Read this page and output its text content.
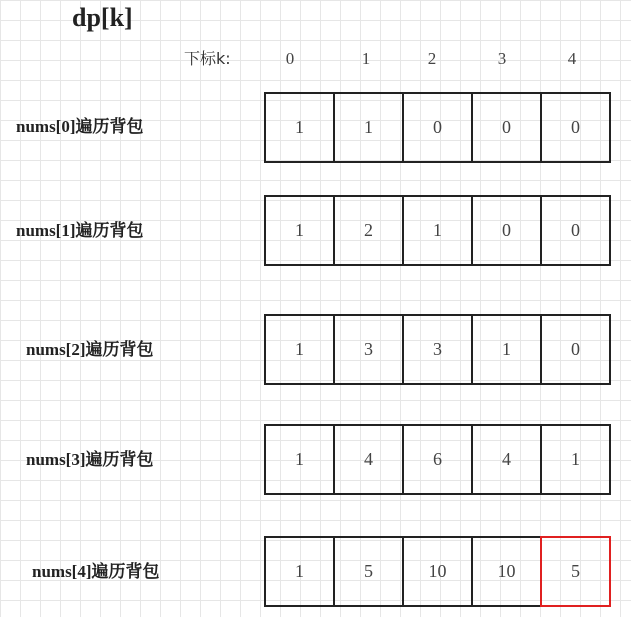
dp[k]
下标k:	0	1	2	3	4
nums[0]遍历背包	1	1	0	0	0
nums[1]遍历背包	1	2	1	0	0
nums[2]遍历背包	1	3	3	1	0
nums[3]遍历背包	1	4	6	4	1
nums[4]遍历背包	1	5	10	10	5
